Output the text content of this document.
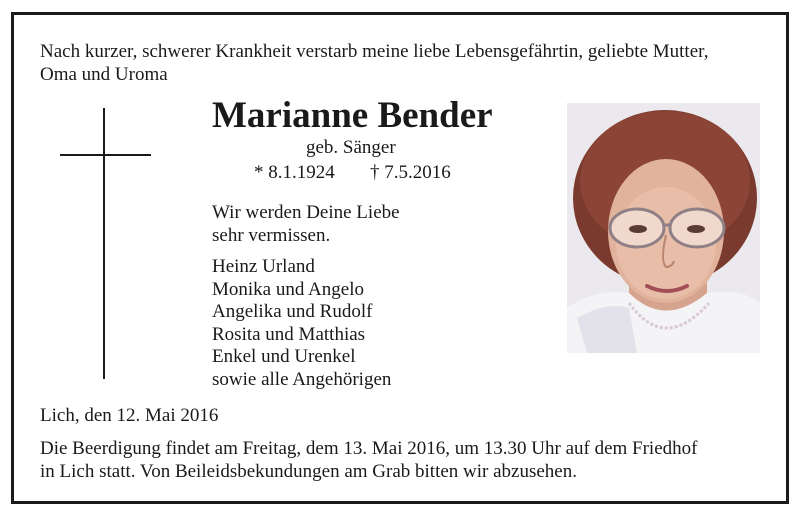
Nach kurzer, schwerer Krankheit verstarb meine liebe Lebensgefährtin, geliebte Mutter,
Oma und Uroma
Marianne Bender
geb. Sänger
* 8.1.1924 † 7.5.2016
Wir werden Deine Liebe
sehr vermissen.
Heinz Urland
Monika und Angelo
Angelika und Rudolf
Rosita und Matthias
Enkel und Urenkel
sowie alle Angehörigen
Lich, den 12. Mai 2016
Die Beerdigung findet am Freitag, dem 13. Mai 2016, um 13.30 Uhr auf dem Friedhof
in Lich statt. Von Beileidsbekundungen am Grab bitten wir abzusehen.
